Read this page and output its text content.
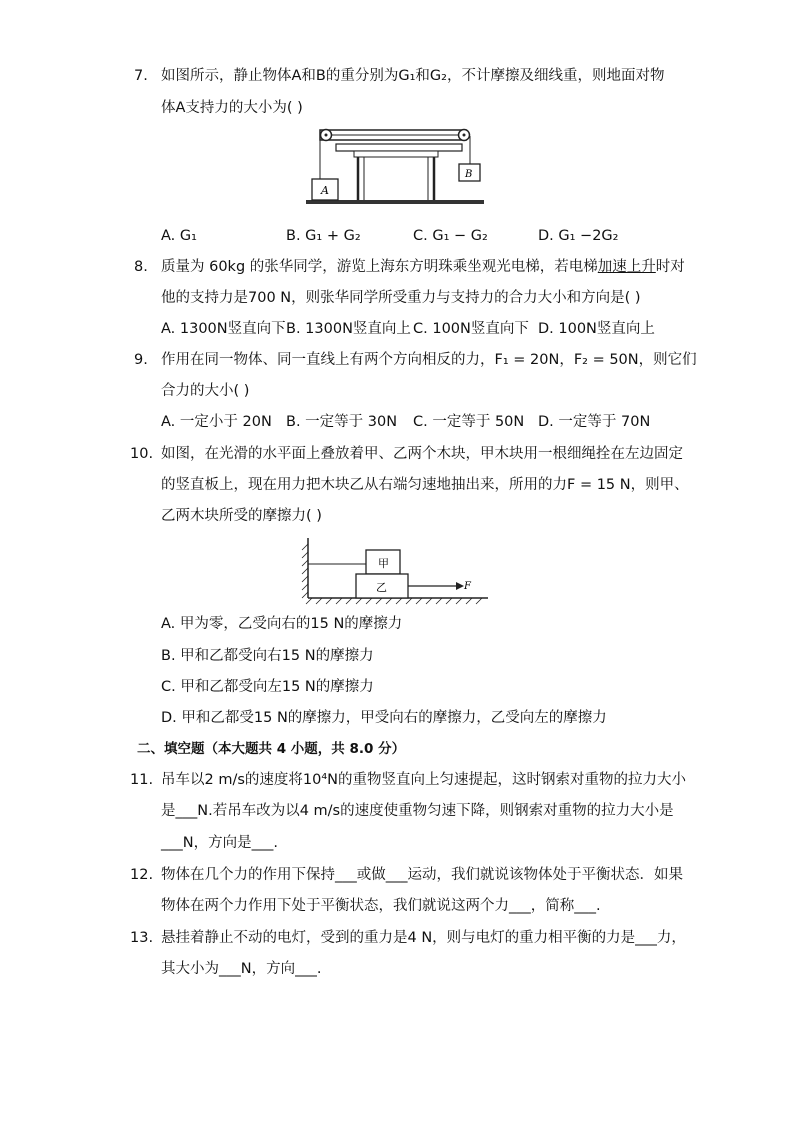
7. 如图所示，静止物体A和B的重分别为G₁和G₂，不计摩擦及细线重，则地面对物
体A支持力的大小为( )
A
B
A. G₁	B. G₁ + G₂	C. G₁ − G₂	D. G₁ −2G₂
8. 质量为 60kg 的张华同学，游览上海东方明珠乘坐观光电梯，若电梯加速上升时对
他的支持力是700 N，则张华同学所受重力与支持力的合力大小和方向是( )
A. 1300N竖直向下 B. 1300N竖直向上 C. 100N竖直向下 D. 100N竖直向上
9. 作用在同一物体、同一直线上有两个方向相反的力，F₁ = 20N，F₂ = 50N，则它们
合力的大小( )
A. 一定小于 20N B. 一定等于 30N C. 一定等于 50N D. 一定等于 70N
10. 如图，在光滑的水平面上叠放着甲、乙两个木块，甲木块用一根细绳拴在左边固定
的竖直板上，现在用力把木块乙从右端匀速地抽出来，所用的力F = 15 N，则甲、
乙两木块所受的摩擦力( )
甲
乙	F
A. 甲为零，乙受向右的15 N的摩擦力
B. 甲和乙都受向右15 N的摩擦力
C. 甲和乙都受向左15 N的摩擦力
D. 甲和乙都受15 N的摩擦力，甲受向右的摩擦力，乙受向左的摩擦力
二、填空题（本大题共 4 小题，共 8.0 分）
11. 吊车以2 m/s的速度将10⁴N的重物竖直向上匀速提起，这时钢索对重物的拉力大小
是___N.若吊车改为以4 m/s的速度使重物匀速下降，则钢索对重物的拉力大小是
___N，方向是___.
12. 物体在几个力的作用下保持___或做___运动，我们就说该物体处于平衡状态．如果
物体在两个力作用下处于平衡状态，我们就说这两个力___，简称___.
13. 悬挂着静止不动的电灯，受到的重力是4 N，则与电灯的重力相平衡的力是___力，
其大小为___N，方向___.
